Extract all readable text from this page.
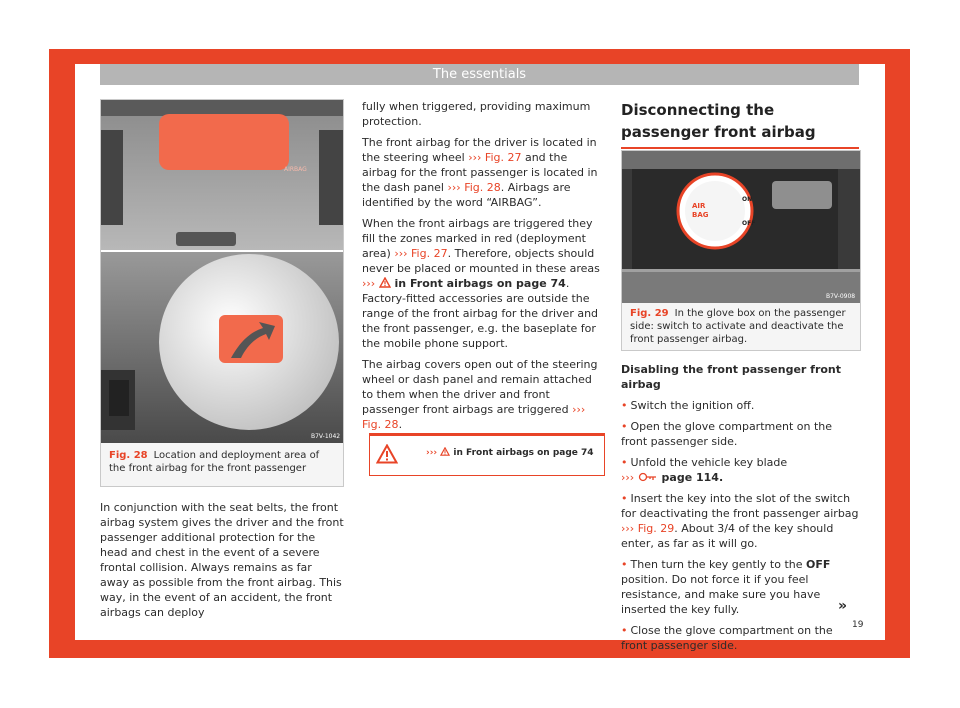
The essentials
AIRBAG
B7V-1042
Fig. 28 Location and deployment area of the front airbag for the front passenger

In conjunction with the seat belts, the front airbag system gives the driver and the front passenger additional protection for the head and chest in the event of a severe frontal collision. Always remains as far away as possible from the front airbag. This way, in the event of an accident, the front airbags can deploy

fully when triggered, providing maximum protection.

The front airbag for the driver is located in the steering wheel ››› Fig. 27 and the airbag for the front passenger is located in the dash panel ››› Fig. 28. Airbags are identified by the word “AIRBAG”.

When the front airbags are triggered they fill the zones marked in red (deployment area) ››› Fig. 27. Therefore, objects should never be placed or mounted in these areas ›››  in Front airbags on page 74. Factory-fitted accessories are outside the range of the front airbag for the driver and the front passenger, e.g. the baseplate for the mobile phone support.

The airbag covers open out of the steering wheel or dash panel and remain attached to them when the driver and front passenger front airbags are triggered ››› Fig. 28.

›››  in Front airbags on page 74
Disconnecting the passenger front airbag
AIR
BAG
ON
OFF
B7V-0908
Fig. 29 In the glove box on the passenger side: switch to activate and deactivate the front passenger airbag.

Disabling the front passenger front airbag

• Switch the ignition off.

• Open the glove compartment on the front passenger side.

• Unfold the vehicle key blade
›››  page 114.

• Insert the key into the slot of the switch for deactivating the front passenger airbag ››› Fig. 29. About 3/4 of the key should enter, as far as it will go.

• Then turn the key gently to the OFF position. Do not force it if you feel resistance, and make sure you have inserted the key fully.

• Close the glove compartment on the front passenger side.

»
19
